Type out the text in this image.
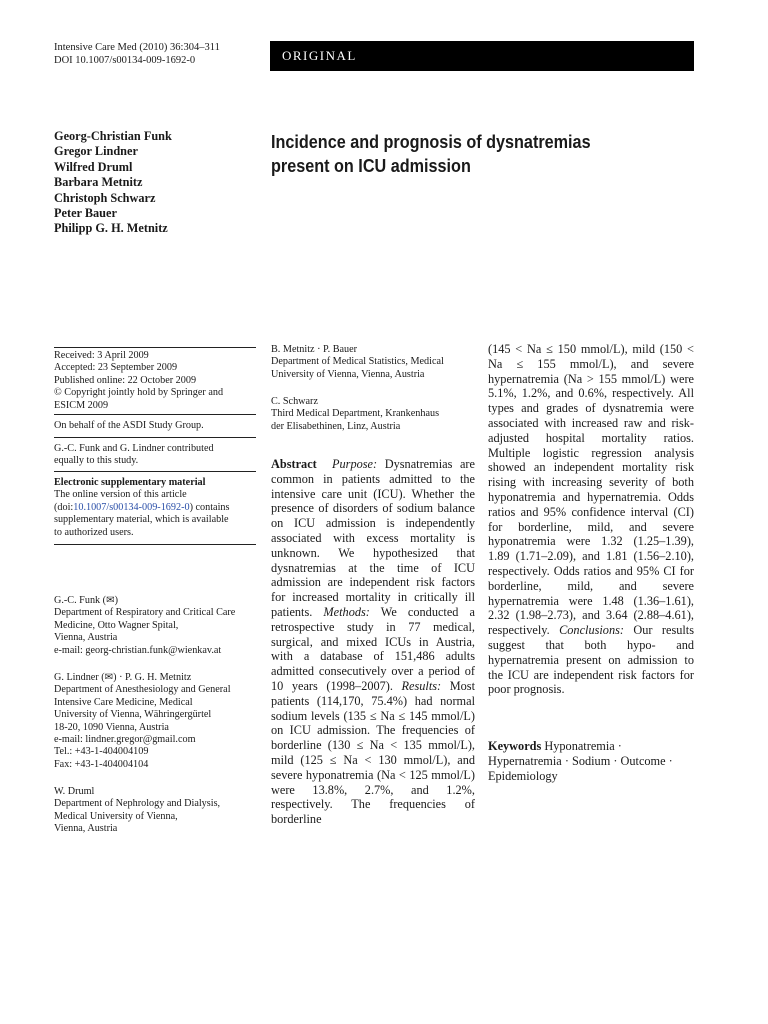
Intensive Care Med (2010) 36:304–311
DOI 10.1007/s00134-009-1692-0	ORIGINAL
Georg-Christian Funk
Gregor Lindner
Wilfred Druml
Barbara Metnitz
Christoph Schwarz
Peter Bauer
Philipp G. H. Metnitz
Incidence and prognosis of dysnatremias
present on ICU admission
Received: 3 April 2009
Accepted: 23 September 2009
Published online: 22 October 2009
© Copyright jointly hold by Springer and
ESICM 2009
On behalf of the ASDI Study Group.
G.-C. Funk and G. Lindner contributed
equally to this study.
Electronic supplementary material
The online version of this article
(doi:10.1007/s00134-009-1692-0) contains
supplementary material, which is available
to authorized users.
G.-C. Funk (✉)
Department of Respiratory and Critical Care
Medicine, Otto Wagner Spital,
Vienna, Austria
e-mail: georg-christian.funk@wienkav.at
G. Lindner (✉) · P. G. H. Metnitz
Department of Anesthesiology and General
Intensive Care Medicine, Medical
University of Vienna, Währingergürtel
18-20, 1090 Vienna, Austria
e-mail: lindner.gregor@gmail.com
Tel.: +43-1-404004109
Fax: +43-1-404004104
W. Druml
Department of Nephrology and Dialysis,
Medical University of Vienna,
Vienna, Austria
B. Metnitz · P. Bauer
Department of Medical Statistics, Medical
University of Vienna, Vienna, Austria
C. Schwarz
Third Medical Department, Krankenhaus
der Elisabethinen, Linz, Austria

Abstract Purpose: Dysnatremias are common in patients admitted to the intensive care unit (ICU). Whether the presence of disorders of sodium balance on ICU admission is independently associated with excess mortality is unknown. We hypothesized that dysnatremias at the time of ICU admission are independent risk factors for increased mortality in critically ill patients. Methods: We conducted a retrospective study in 77 medical, surgical, and mixed ICUs in Austria, with a database of 151,486 adults admitted consecutively over a period of 10 years (1998–2007). Results: Most patients (114,170, 75.4%) had normal sodium levels (135 ≤ Na ≤ 145 mmol/L) on ICU admission. The frequencies of borderline (130 ≤ Na < 135 mmol/L), mild (125 ≤ Na < 130 mmol/L), and severe hyponatremia (Na < 125 mmol/L) were 13.8%, 2.7%, and 1.2%, respectively. The frequencies of borderline

(145 < Na ≤ 150 mmol/L), mild (150 < Na ≤ 155 mmol/L), and severe hypernatremia (Na > 155 mmol/L) were 5.1%, 1.2%, and 0.6%, respectively. All types and grades of dysnatremia were associated with increased raw and risk-adjusted hospital mortality ratios. Multiple logistic regression analysis showed an independent mortality risk rising with increasing severity of both hyponatremia and hypernatremia. Odds ratios and 95% confidence interval (CI) for borderline, mild, and severe hyponatremia were 1.32 (1.25–1.39), 1.89 (1.71–2.09), and 1.81 (1.56–2.10), respectively. Odds ratios and 95% CI for borderline, mild, and severe hypernatremia were 1.48 (1.36–1.61), 2.32 (1.98–2.73), and 3.64 (2.88–4.61), respectively. Conclusions: Our results suggest that both hypo- and hypernatremia present on admission to the ICU are independent risk factors for poor prognosis.

Keywords Hyponatremia · Hypernatremia · Sodium · Outcome · Epidemiology
